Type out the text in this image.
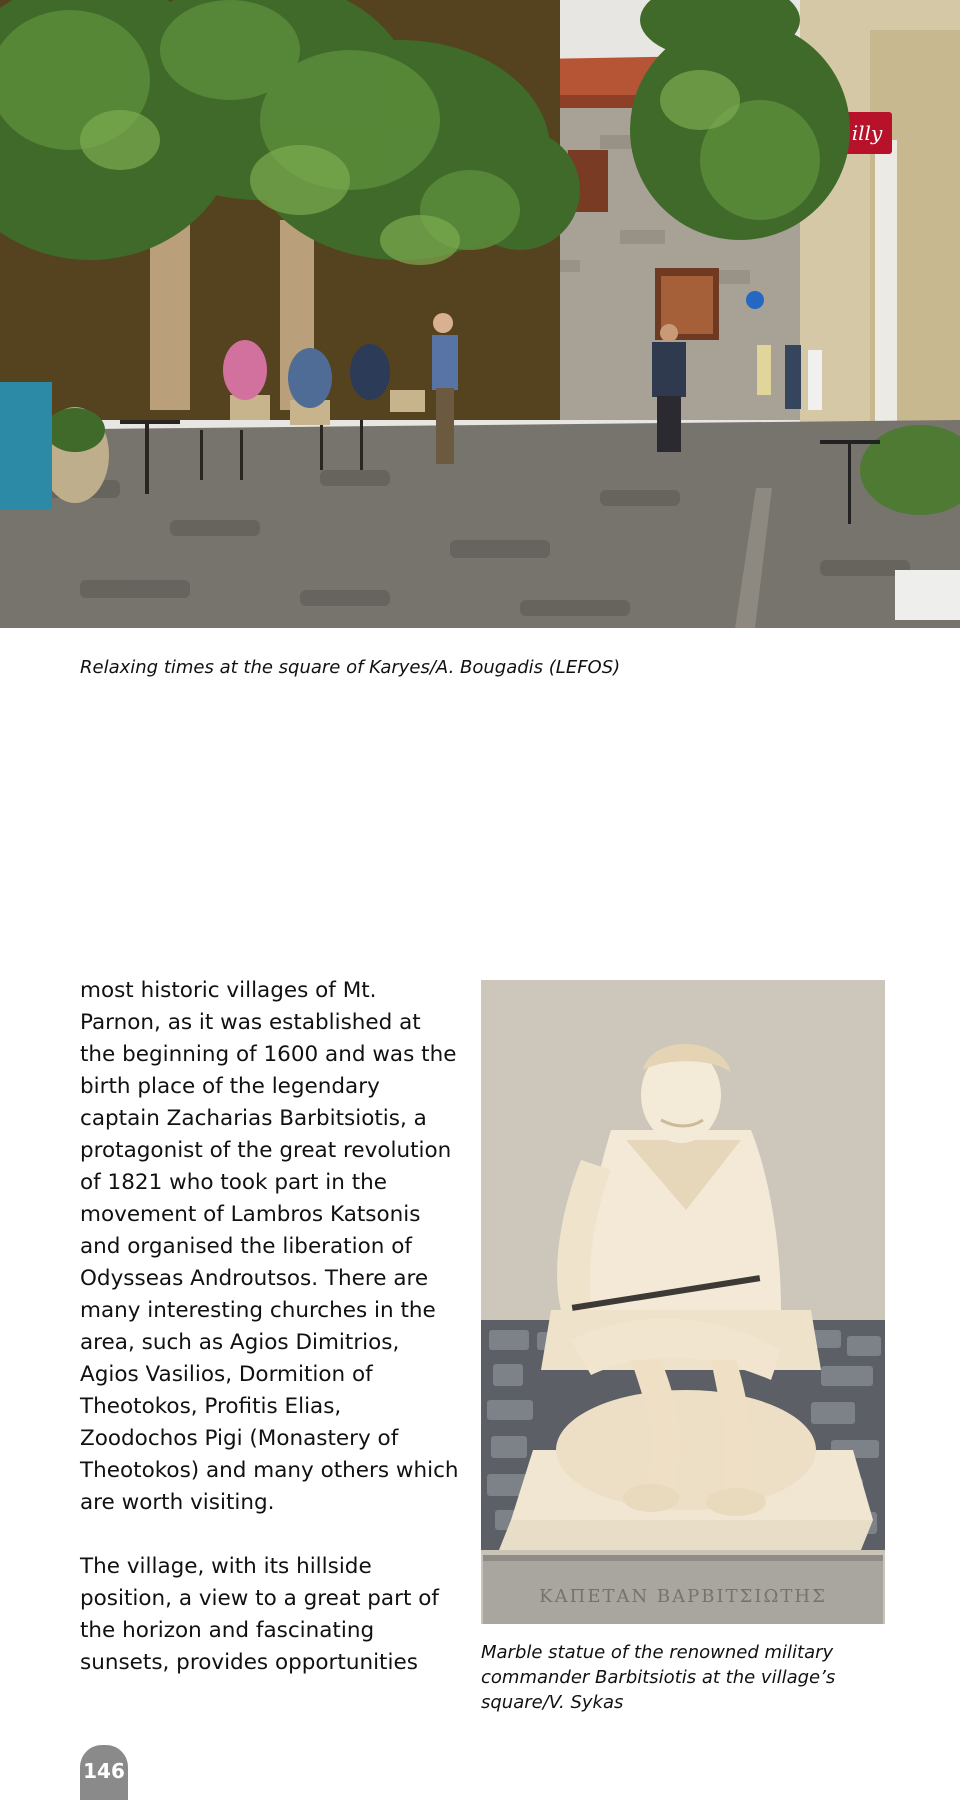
illy
Relaxing times at the square of Karyes/A. Bougadis (LEFOS)

most historic villages of Mt. Parnon, as it was established at the beginning of 1600 and was the birth place of the legendary captain Zacharias Barbitsiotis, a protagonist of the great revolution of 1821 who took part in the movement of Lambros Katsonis and organised the liberation of Odysseas Androutsos. There are many interesting churches in the area, such as Agios Dimitrios, Agios Vasilios, Dormition of Theotokos, Profitis Elias, Zoodochos Pigi (Monastery of Theotokos) and many others which are worth visiting.

The village, with its hillside position, a view to a great part of the horizon and fascinating sunsets, provides opportunities

ΚΑΠΕΤΑΝ ΒΑΡΒΙΤΣΙΩΤΗΣ
Marble statue of the renowned military commander Barbitsiotis at the village’s square/V. Sykas
146
